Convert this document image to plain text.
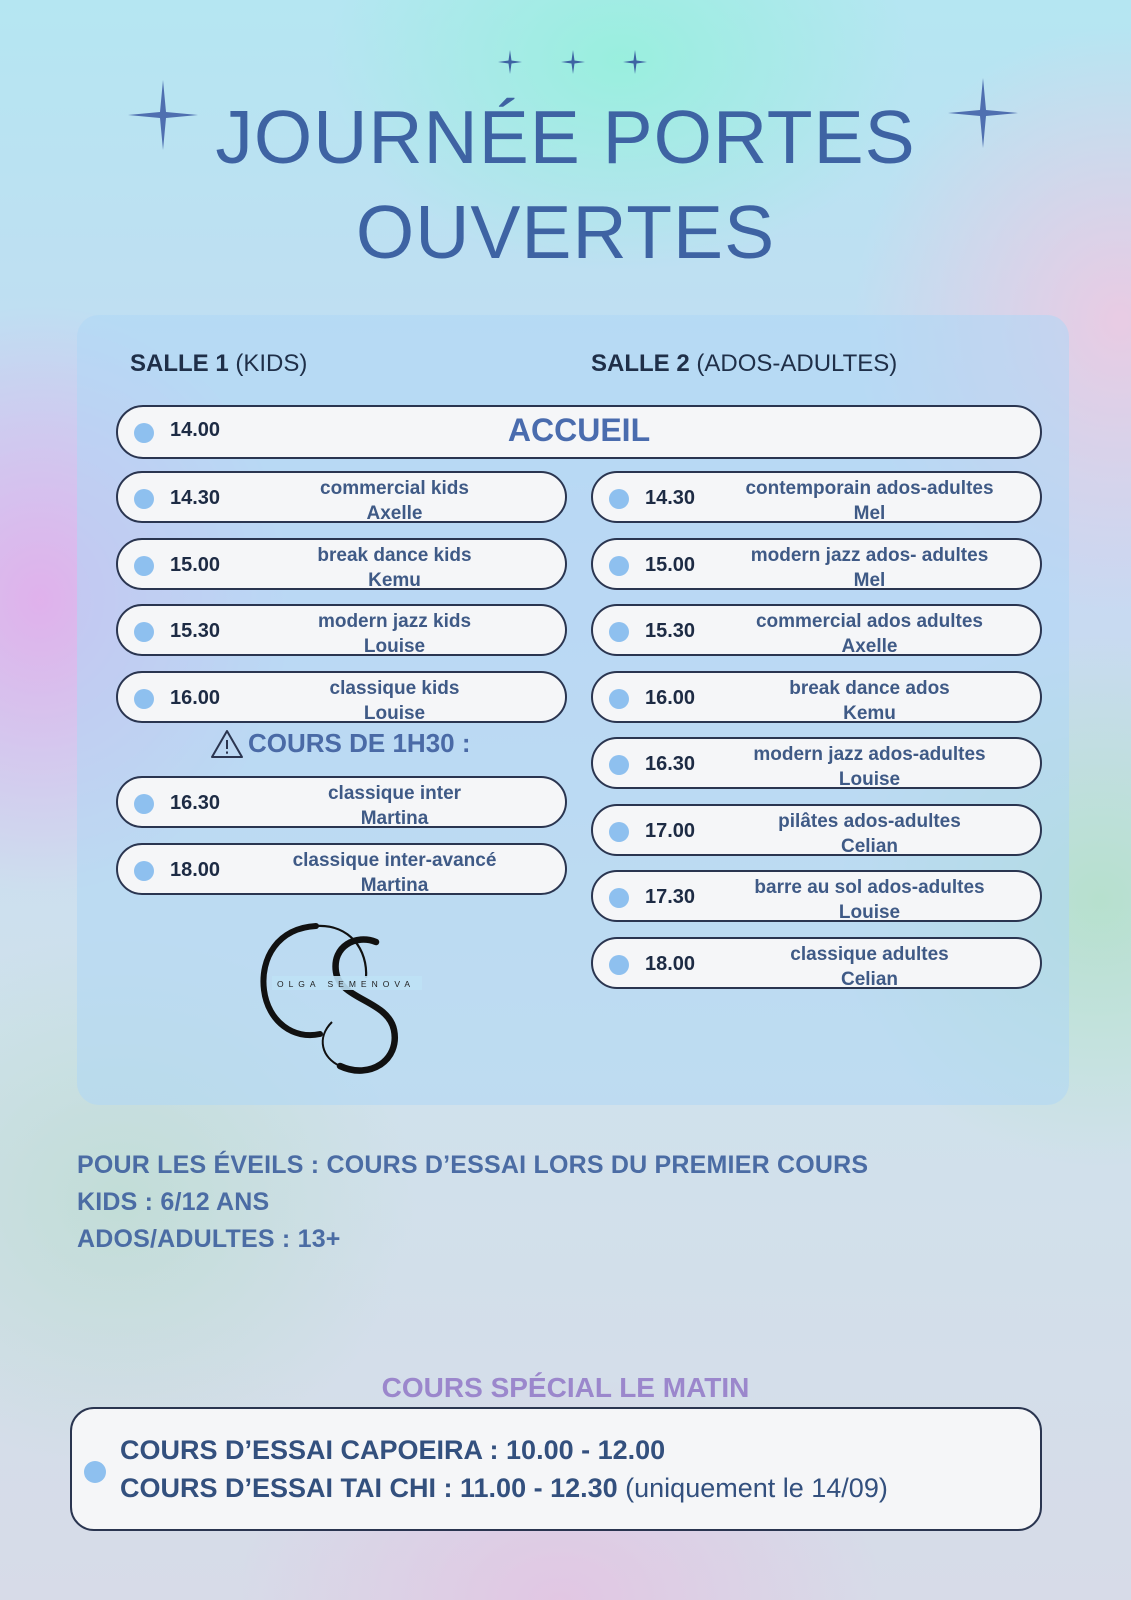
JOURNÉE PORTES
OUVERTES
SALLE 1 (KIDS)	SALLE 2 (ADOS-ADULTES)
14.00	ACCUEIL
14.30	commercial kids
Axelle
15.00	break dance kids
Kemu
15.30	modern jazz kids
Louise
16.00	classique kids
Louise
COURS DE 1H30 :
16.30	classique inter
Martina
18.00	classique inter-avancé
Martina
14.30	contemporain ados-adultes
Mel
15.00	modern jazz ados- adultes
Mel
15.30	commercial ados adultes
Axelle
16.00	break dance ados
Kemu
16.30	modern jazz ados-adultes
Louise
17.00	pilâtes ados-adultes
Celian
17.30	barre au sol ados-adultes
Louise
18.00	classique adultes
Celian
OLGA SEMENOVA
POUR LES ÉVEILS : COURS D’ESSAI LORS DU PREMIER COURS
KIDS : 6/12 ANS
ADOS/ADULTES : 13+
COURS SPÉCIAL LE MATIN
COURS D’ESSAI CAPOEIRA : 10.00 - 12.00
COURS D’ESSAI TAI CHI : 11.00 - 12.30 (uniquement le 14/09)
